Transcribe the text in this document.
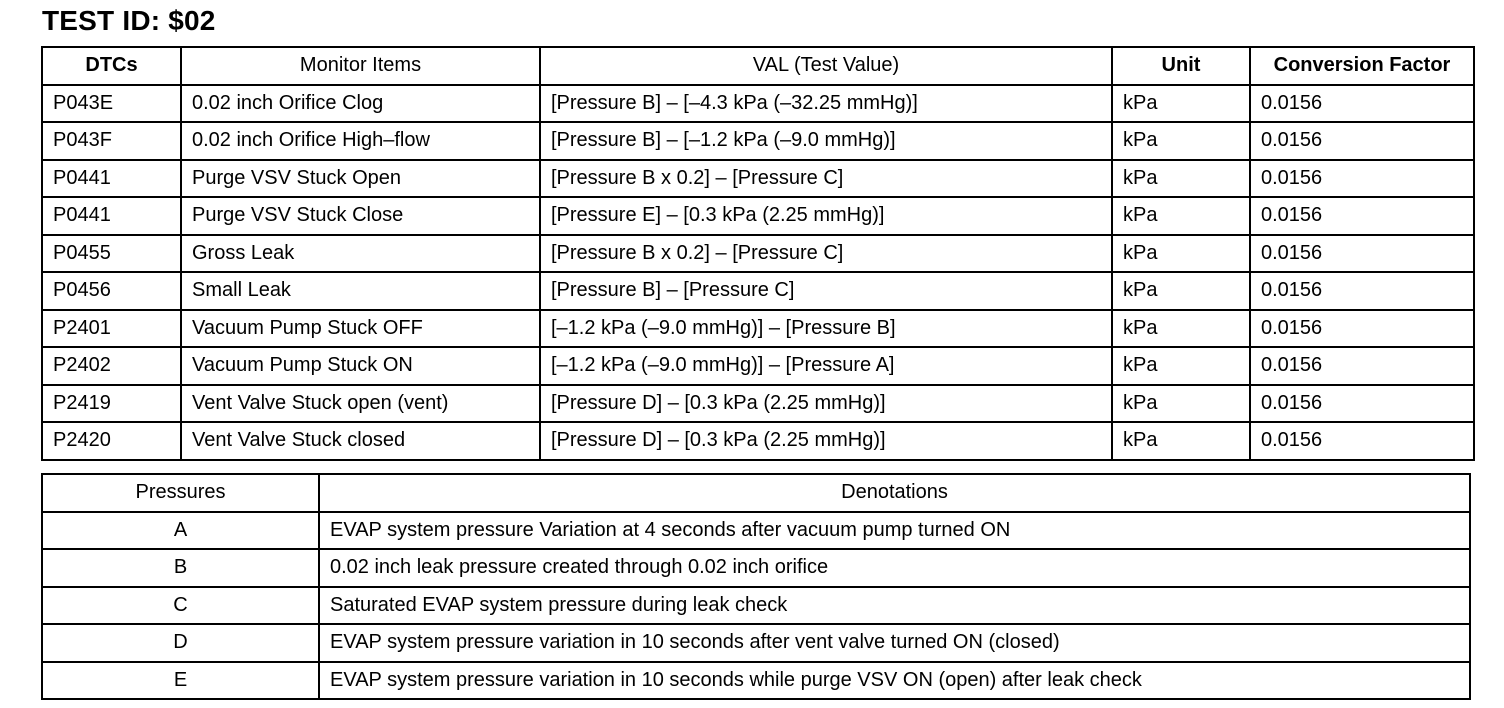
TEST ID: $02
DTCs	Monitor Items	VAL (Test Value)	Unit	Conversion Factor
P043E	0.02 inch Orifice Clog	[Pressure B] – [–4.3 kPa (–32.25 mmHg)]	kPa	0.0156
P043F	0.02 inch Orifice High–flow	[Pressure B] – [–1.2 kPa (–9.0 mmHg)]	kPa	0.0156
P0441	Purge VSV Stuck Open	[Pressure B x 0.2] – [Pressure C]	kPa	0.0156
P0441	Purge VSV Stuck Close	[Pressure E] – [0.3 kPa (2.25 mmHg)]	kPa	0.0156
P0455	Gross Leak	[Pressure B x 0.2] – [Pressure C]	kPa	0.0156
P0456	Small Leak	[Pressure B] – [Pressure C]	kPa	0.0156
P2401	Vacuum Pump Stuck OFF	[–1.2 kPa (–9.0 mmHg)] – [Pressure B]	kPa	0.0156
P2402	Vacuum Pump Stuck ON	[–1.2 kPa (–9.0 mmHg)] – [Pressure A]	kPa	0.0156
P2419	Vent Valve Stuck open (vent)	[Pressure D] – [0.3 kPa (2.25 mmHg)]	kPa	0.0156
P2420	Vent Valve Stuck closed	[Pressure D] – [0.3 kPa (2.25 mmHg)]	kPa	0.0156
Pressures	Denotations
A	EVAP system pressure Variation at 4 seconds after vacuum pump turned ON
B	0.02 inch leak pressure created through 0.02 inch orifice
C	Saturated EVAP system pressure during leak check
D	EVAP system pressure variation in 10 seconds after vent valve turned ON (closed)
E	EVAP system pressure variation in 10 seconds while purge VSV ON (open) after leak check
